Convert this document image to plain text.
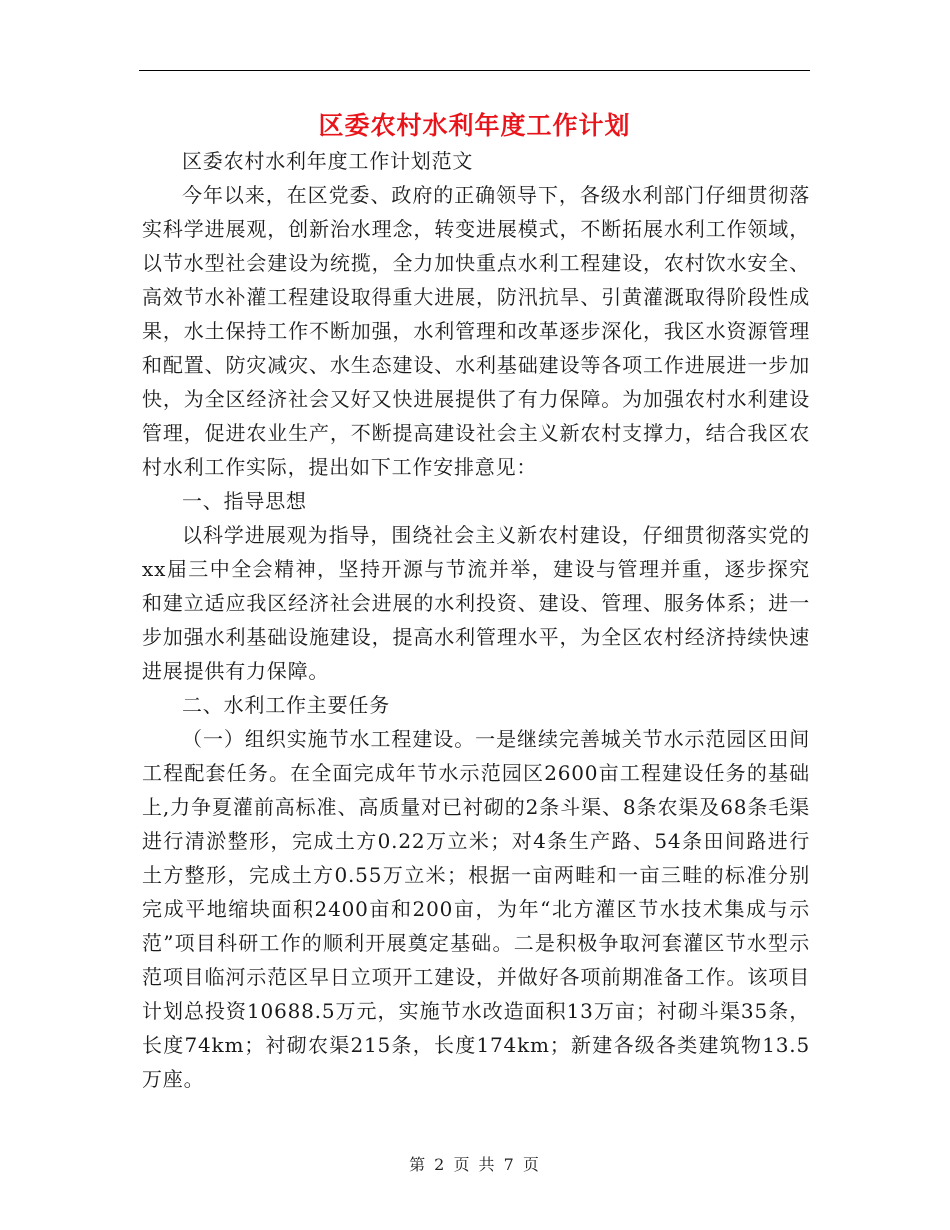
区委农村水利年度工作计划

区委农村水利年度工作计划范文

今年以来，在区党委、政府的正确领导下，各级水利部门仔细贯彻落实科学进展观，创新治水理念，转变进展模式，不断拓展水利工作领域，以节水型社会建设为统揽，全力加快重点水利工程建设，农村饮水安全、高效节水补灌工程建设取得重大进展，防汛抗旱、引黄灌溉取得阶段性成果，水土保持工作不断加强，水利管理和改革逐步深化，我区水资源管理和配置、防灾减灾、水生态建设、水利基础建设等各项工作进展进一步加快，为全区经济社会又好又快进展提供了有力保障。为加强农村水利建设管理，促进农业生产，不断提高建设社会主义新农村支撑力，结合我区农村水利工作实际，提出如下工作安排意见：

一、指导思想

以科学进展观为指导，围绕社会主义新农村建设，仔细贯彻落实党的xx届三中全会精神，坚持开源与节流并举，建设与管理并重，逐步探究和建立适应我区经济社会进展的水利投资、建设、管理、服务体系；进一步加强水利基础设施建设，提高水利管理水平，为全区农村经济持续快速进展提供有力保障。

二、水利工作主要任务

（一）组织实施节水工程建设。一是继续完善城关节水示范园区田间工程配套任务。在全面完成年节水示范园区2600亩工程建设任务的基础上,力争夏灌前高标准、高质量对已衬砌的2条斗渠、8条农渠及68条毛渠进行清淤整形，完成土方0.22万立米；对4条生产路、54条田间路进行土方整形，完成土方0.55万立米；根据一亩两畦和一亩三畦的标准分别完成平地缩块面积2400亩和200亩，为年“北方灌区节水技术集成与示范”项目科研工作的顺利开展奠定基础。二是积极争取河套灌区节水型示范项目临河示范区早日立项开工建设，并做好各项前期准备工作。该项目计划总投资10688.5万元，实施节水改造面积13万亩；衬砌斗渠35条，长度74km；衬砌农渠215条，长度174km；新建各级各类建筑物13.5万座。

第 2 页 共 7 页
